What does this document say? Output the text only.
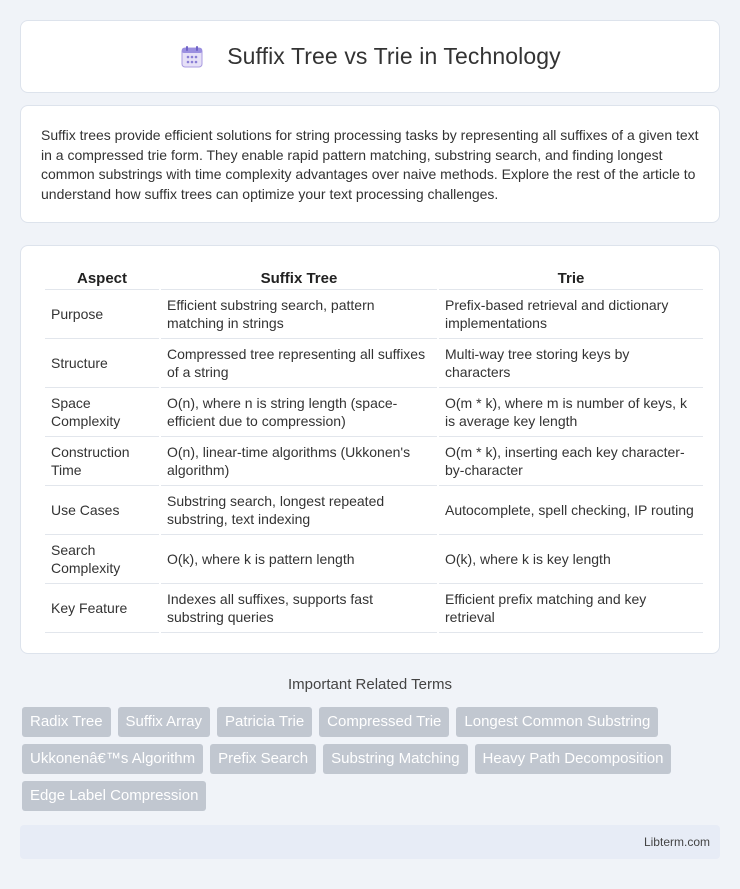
Suffix Tree vs Trie in Technology

Suffix trees provide efficient solutions for string processing tasks by representing all suffixes of a given text in a compressed trie form. They enable rapid pattern matching, substring search, and finding longest common substrings with time complexity advantages over naive methods. Explore the rest of the article to understand how suffix trees can optimize your text processing challenges.

Aspect	Suffix Tree	Trie
Purpose	Efficient substring search, pattern matching in strings	Prefix-based retrieval and dictionary implementations
Structure	Compressed tree representing all suffixes of a string	Multi-way tree storing keys by characters
Space Complexity	O(n), where n is string length (space-efficient due to compression)	O(m * k), where m is number of keys, k is average key length
Construction Time	O(n), linear-time algorithms (Ukkonen's algorithm)	O(m * k), inserting each key character-by-character
Use Cases	Substring search, longest repeated substring, text indexing	Autocomplete, spell checking, IP routing
Search Complexity	O(k), where k is pattern length	O(k), where k is key length
Key Feature	Indexes all suffixes, supports fast substring queries	Efficient prefix matching and key retrieval
Important Related Terms
Radix Tree	Suffix Array	Patricia Trie	Compressed Trie	Longest Common Substring
Ukkonenâ€™s Algorithm	Prefix Search	Substring Matching	Heavy Path Decomposition
Edge Label Compression
Libterm.com
